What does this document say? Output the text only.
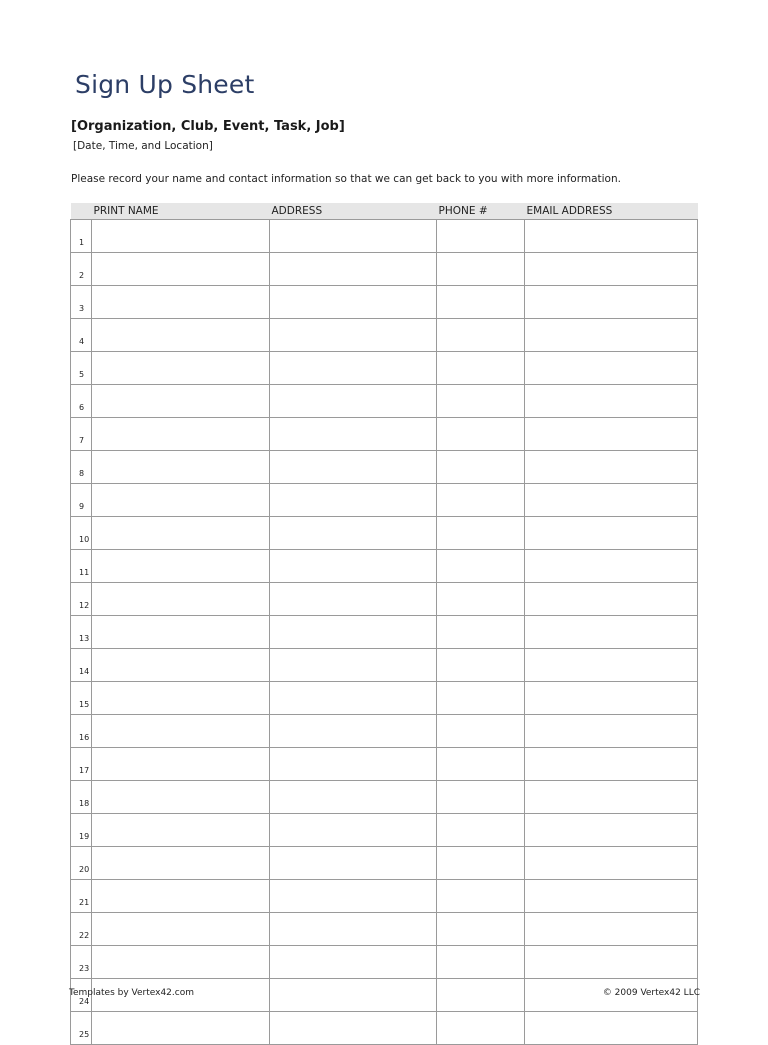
Sign Up Sheet
[Organization, Club, Event, Task, Job]
[Date, Time, and Location]
Please record your name and contact information so that we can get back to you with more information.
	PRINT NAME	ADDRESS	PHONE #	EMAIL ADDRESS
1				
2				
3				
4				
5				
6				
7				
8				
9				
10				
11				
12				
13				
14				
15				
16				
17				
18				
19				
20				
21				
22				
23				
24				
25				
Templates by Vertex42.com	© 2009 Vertex42 LLC
